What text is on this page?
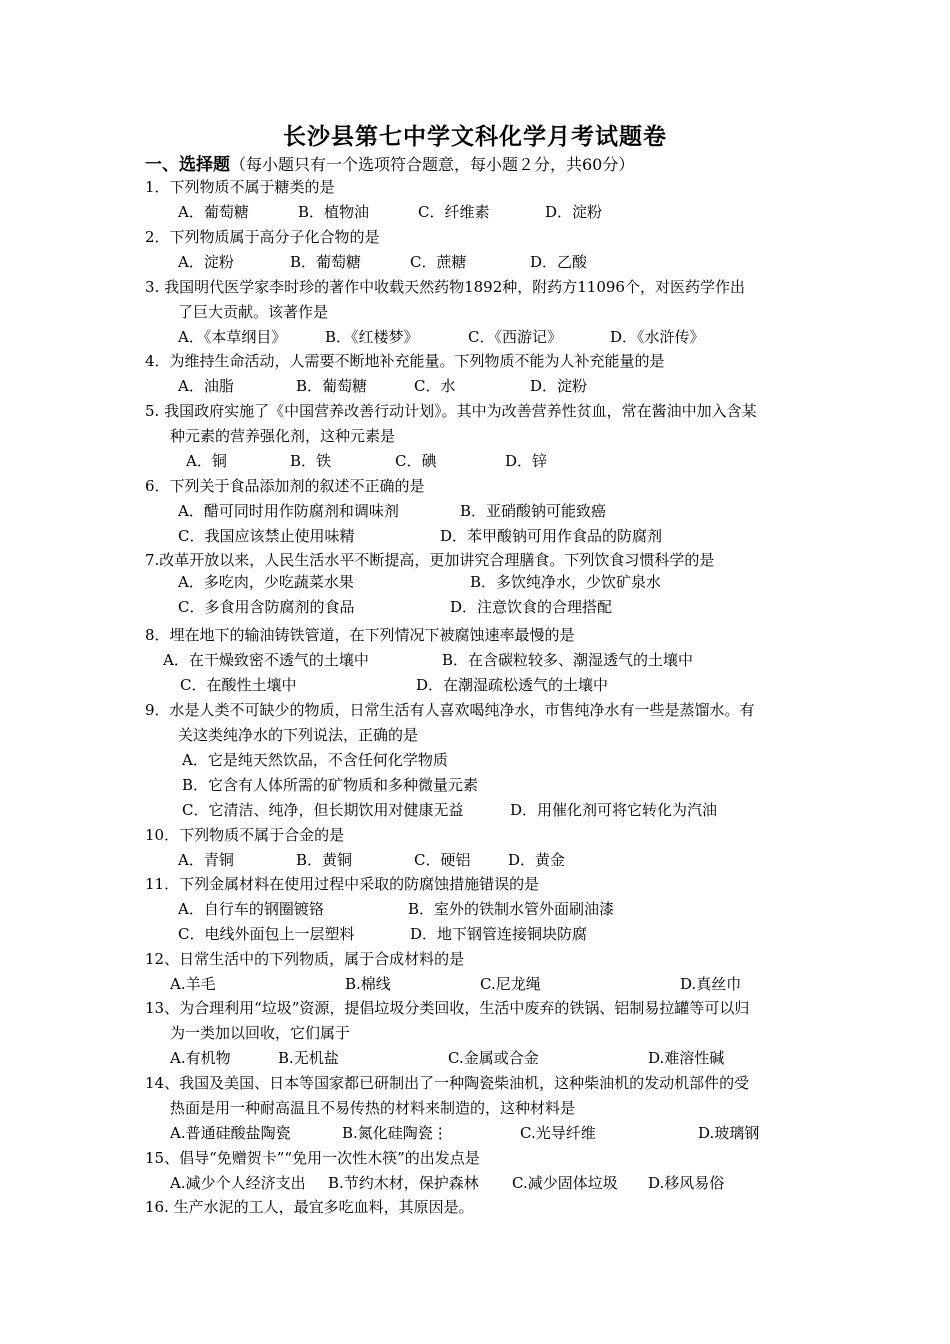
长沙县第七中学文科化学月考试题卷
一、选择题（每小题只有一个选项符合题意，每小题２分，共60分）
1．下列物质不属于糖类的是
A．葡萄糖	B．植物油	C．纤维素	D．淀粉
2．下列物质属于高分子化合物的是
A．淀粉	B．葡萄糖	C．蔗糖	D．乙酸
3. 我国明代医学家李时珍的著作中收载天然药物1892种，附药方11096个，对医药学作出
了巨大贡献。该著作是
A．《本草纲目》	B．《红楼梦》	C．《西游记》	D．《水浒传》
4．为维持生命活动，人需要不断地补充能量。下列物质不能为人补充能量的是
A．油脂	B．葡萄糖	C．水	D．淀粉
5. 我国政府实施了《中国营养改善行动计划》。其中为改善营养性贫血，常在酱油中加入含某
种元素的营养强化剂，这种元素是
A．铜	B．铁	C．碘	D．锌
6．下列关于食品添加剂的叙述不正确的是
A．醋可同时用作防腐剂和调味剂	B．亚硝酸钠可能致癌
C．我国应该禁止使用味精	D．苯甲酸钠可用作食品的防腐剂
7.改革开放以来，人民生活水平不断提高，更加讲究合理膳食。下列饮食习惯科学的是
A．多吃肉，少吃蔬菜水果	B．多饮纯净水，少饮矿泉水
C．多食用含防腐剂的食品	D．注意饮食的合理搭配
8．埋在地下的输油铸铁管道，在下列情况下被腐蚀速率最慢的是
A．在干燥致密不透气的土壤中	B．在含碳粒较多、潮湿透气的土壤中
C．在酸性土壤中	D．在潮湿疏松透气的土壤中
9．水是人类不可缺少的物质，日常生活有人喜欢喝纯净水，市售纯净水有一些是蒸馏水。有
关这类纯净水的下列说法，正确的是
A．它是纯天然饮品，不含任何化学物质
B．它含有人体所需的矿物质和多种微量元素
C．它清洁、纯净，但长期饮用对健康无益	D．用催化剂可将它转化为汽油
10．下列物质不属于合金的是
A．青铜	B．黄铜	C．硬铝	D．黄金
11．下列金属材料在使用过程中采取的防腐蚀措施错误的是
A．自行车的钢圈镀铬	B．室外的铁制水管外面刷油漆
C．电线外面包上一层塑料	D．地下钢管连接铜块防腐
12、日常生活中的下列物质，属于合成材料的是
A.羊毛	B.棉线	C.尼龙绳	D.真丝巾
13、为合理利用“垃圾”资源，提倡垃圾分类回收，生活中废弃的铁锅、铝制易拉罐等可以归
为一类加以回收，它们属于
A.有机物	B.无机盐	C.金属或合金	D.难溶性碱
14、我国及美国、日本等国家都已研制出了一种陶瓷柴油机，这种柴油机的发动机部件的受
热面是用一种耐高温且不易传热的材料来制造的，这种材料是
A.普通硅酸盐陶瓷	B.氮化硅陶瓷⋮	C.光导纤维	D.玻璃钢
15、倡导“免赠贺卡”“免用一次性木筷”的出发点是
A.减少个人经济支出 B.节约木材，保护森林 C.减少固体垃圾 D.移风易俗
16. 生产水泥的工人，最宜多吃血料，其原因是。
